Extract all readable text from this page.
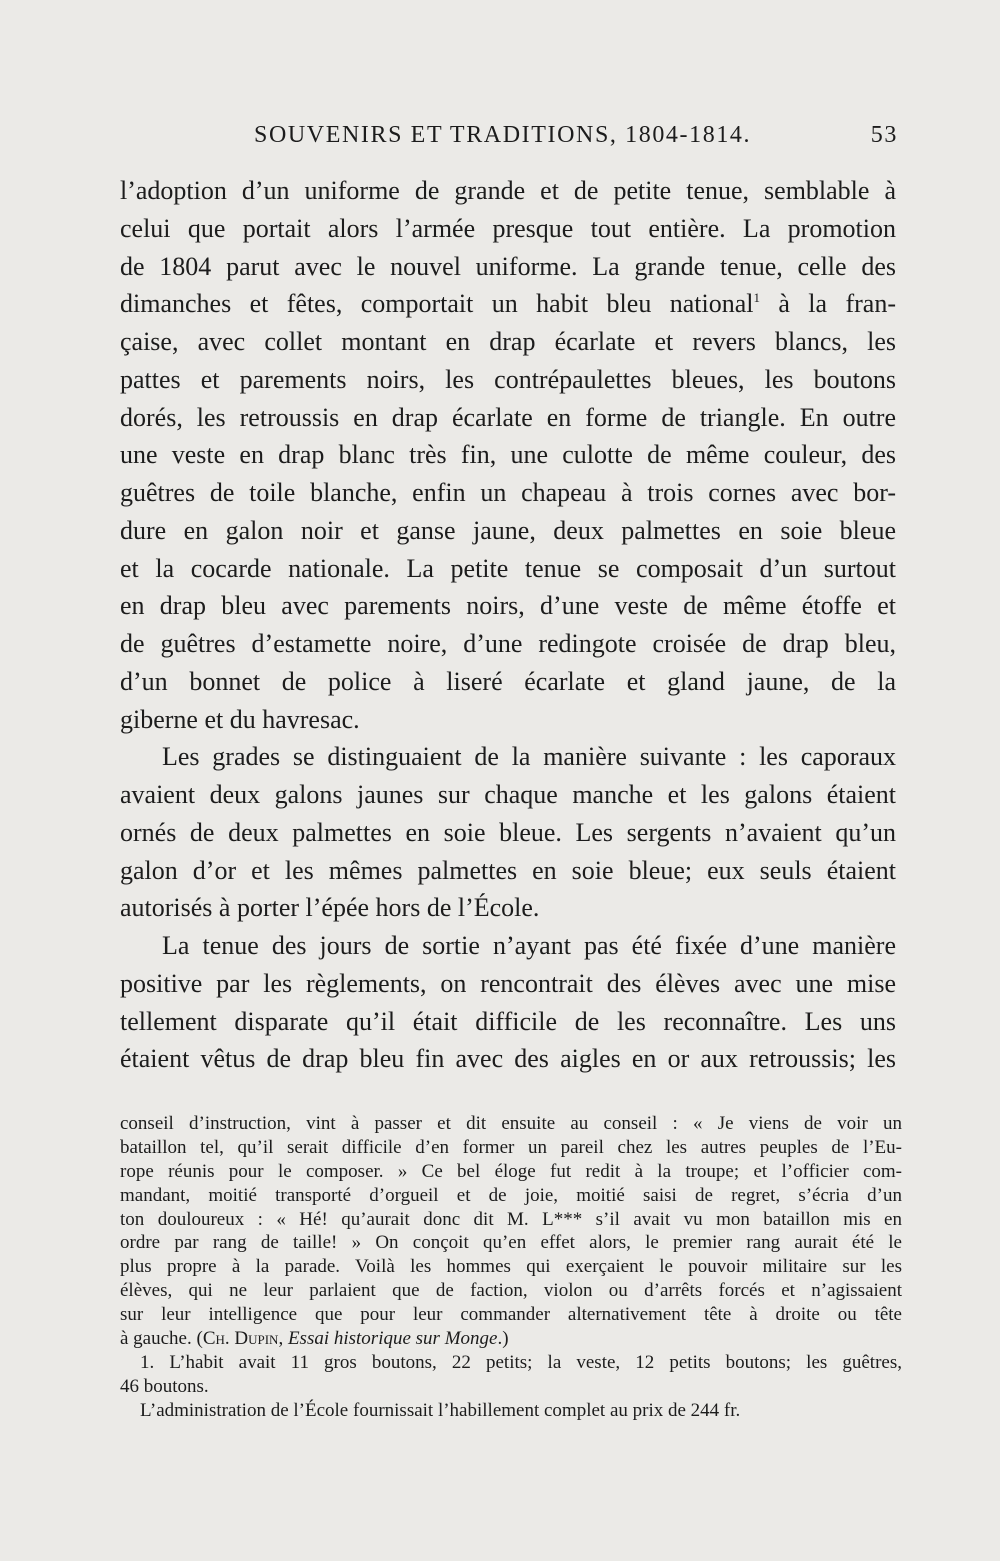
SOUVENIRS ET TRADITIONS, 1804-1814.	53
l’adoption d’un uniforme de grande et de petite tenue, semblable à
celui que portait alors l’armée presque tout entière. La promotion
de 1804 parut avec le nouvel uniforme. La grande tenue, celle des
dimanches et fêtes, comportait un habit bleu national$^1$ à la fran-
çaise, avec collet montant en drap écarlate et revers blancs, les
pattes et parements noirs, les contrépaulettes bleues, les boutons
dorés, les retroussis en drap écarlate en forme de triangle. En outre
une veste en drap blanc très fin, une culotte de même couleur, des
guêtres de toile blanche, enfin un chapeau à trois cornes avec bor-
dure en galon noir et ganse jaune, deux palmettes en soie bleue
et la cocarde nationale. La petite tenue se composait d’un surtout
en drap bleu avec parements noirs, d’une veste de même étoffe et
de guêtres d’estamette noire, d’une redingote croisée de drap bleu,
d’un bonnet de police à liseré écarlate et gland jaune, de la
giberne et du havresac.
Les grades se distinguaient de la manière suivante : les caporaux
avaient deux galons jaunes sur chaque manche et les galons étaient
ornés de deux palmettes en soie bleue. Les sergents n’avaient qu’un
galon d’or et les mêmes palmettes en soie bleue; eux seuls étaient
autorisés à porter l’épée hors de l’École.
La tenue des jours de sortie n’ayant pas été fixée d’une manière
positive par les règlements, on rencontrait des élèves avec une mise
tellement disparate qu’il était difficile de les reconnaître. Les uns
étaient vêtus de drap bleu fin avec des aigles en or aux retroussis; les
conseil d’instruction, vint à passer et dit ensuite au conseil : « Je viens de voir un
bataillon tel, qu’il serait difficile d’en former un pareil chez les autres peuples de l’Eu-
rope réunis pour le composer. » Ce bel éloge fut redit à la troupe; et l’officier com-
mandant, moitié transporté d’orgueil et de joie, moitié saisi de regret, s’écria d’un
ton douloureux : « Hé! qu’aurait donc dit M. L*** s’il avait vu mon bataillon mis en
ordre par rang de taille! » On conçoit qu’en effet alors, le premier rang aurait été le
plus propre à la parade. Voilà les hommes qui exerçaient le pouvoir militaire sur les
élèves, qui ne leur parlaient que de faction, violon ou d’arrêts forcés et n’agissaient
sur leur intelligence que pour leur commander alternativement tête à droite ou tête
à gauche. (Ch. Dupin, Essai historique sur Monge.)
1. L’habit avait 11 gros boutons, 22 petits; la veste, 12 petits boutons; les guêtres,
46 boutons.
L’administration de l’École fournissait l’habillement complet au prix de 244 fr.
